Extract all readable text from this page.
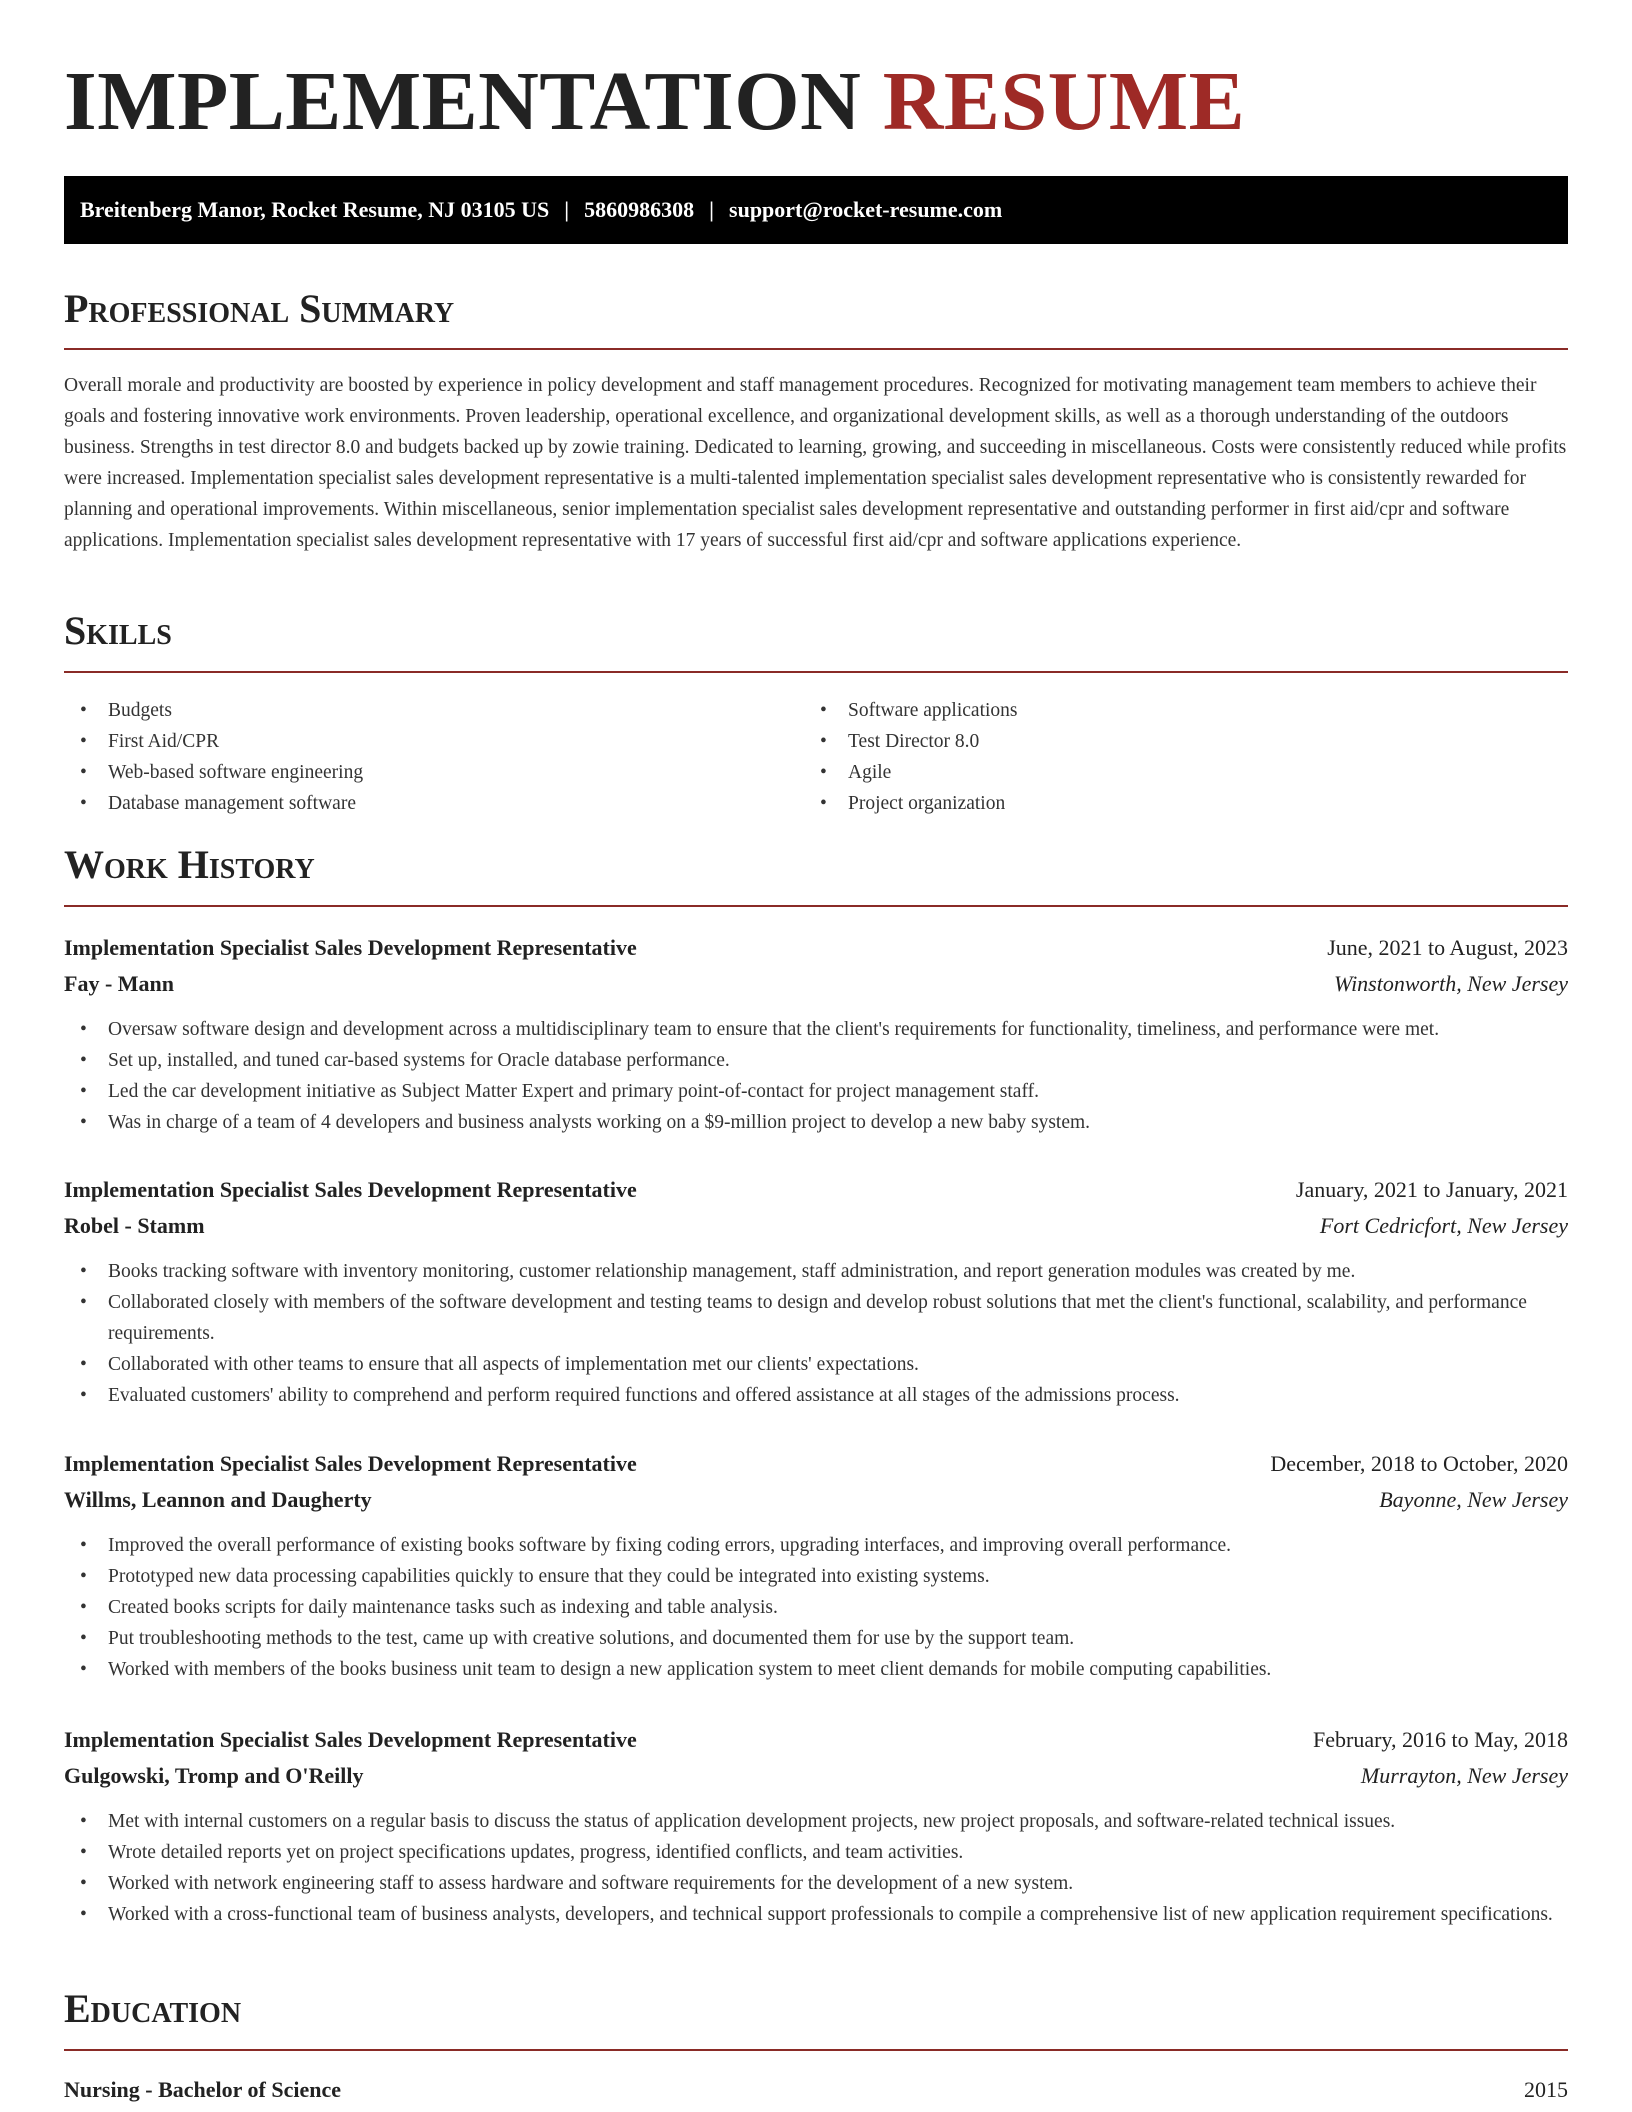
IMPLEMENTATION RESUME
Breitenberg Manor, Rocket Resume, NJ 03105 US | 5860986308 | support@rocket-resume.com
Professional Summary

Overall morale and productivity are boosted by experience in policy development and staff management procedures. Recognized for motivating management team members to achieve their goals and fostering innovative work environments. Proven leadership, operational excellence, and organizational development skills, as well as a thorough understanding of the outdoors business. Strengths in test director 8.0 and budgets backed up by zowie training. Dedicated to learning, growing, and succeeding in miscellaneous. Costs were consistently reduced while profits were increased. Implementation specialist sales development representative is a multi-talented implementation specialist sales development representative who is consistently rewarded for planning and operational improvements. Within miscellaneous, senior implementation specialist sales development representative and outstanding performer in first aid/cpr and software applications. Implementation specialist sales development representative with 17 years of successful first aid/cpr and software applications experience.

Skills
• Budgets
• First Aid/CPR
• Web-based software engineering
• Database management software
• Software applications
• Test Director 8.0
• Agile
• Project organization
Work History
Implementation Specialist Sales Development Representative	June, 2021 to August, 2023
Fay - Mann	Winstonworth, New Jersey
• Oversaw software design and development across a multidisciplinary team to ensure that the client's requirements for functionality, timeliness, and performance were met.
• Set up, installed, and tuned car-based systems for Oracle database performance.
• Led the car development initiative as Subject Matter Expert and primary point-of-contact for project management staff.
• Was in charge of a team of 4 developers and business analysts working on a $9-million project to develop a new baby system.
Implementation Specialist Sales Development Representative	January, 2021 to January, 2021
Robel - Stamm	Fort Cedricfort, New Jersey
• Books tracking software with inventory monitoring, customer relationship management, staff administration, and report generation modules was created by me.
• Collaborated closely with members of the software development and testing teams to design and develop robust solutions that met the client's functional, scalability, and performance requirements.
• Collaborated with other teams to ensure that all aspects of implementation met our clients' expectations.
• Evaluated customers' ability to comprehend and perform required functions and offered assistance at all stages of the admissions process.
Implementation Specialist Sales Development Representative	December, 2018 to October, 2020
Willms, Leannon and Daugherty	Bayonne, New Jersey
• Improved the overall performance of existing books software by fixing coding errors, upgrading interfaces, and improving overall performance.
• Prototyped new data processing capabilities quickly to ensure that they could be integrated into existing systems.
• Created books scripts for daily maintenance tasks such as indexing and table analysis.
• Put troubleshooting methods to the test, came up with creative solutions, and documented them for use by the support team.
• Worked with members of the books business unit team to design a new application system to meet client demands for mobile computing capabilities.
Implementation Specialist Sales Development Representative	February, 2016 to May, 2018
Gulgowski, Tromp and O'Reilly	Murrayton, New Jersey
• Met with internal customers on a regular basis to discuss the status of application development projects, new project proposals, and software-related technical issues.
• Wrote detailed reports yet on project specifications updates, progress, identified conflicts, and team activities.
• Worked with network engineering staff to assess hardware and software requirements for the development of a new system.
• Worked with a cross-functional team of business analysts, developers, and technical support professionals to compile a comprehensive list of new application requirement specifications.
Education
Nursing - Bachelor of Science	2015
